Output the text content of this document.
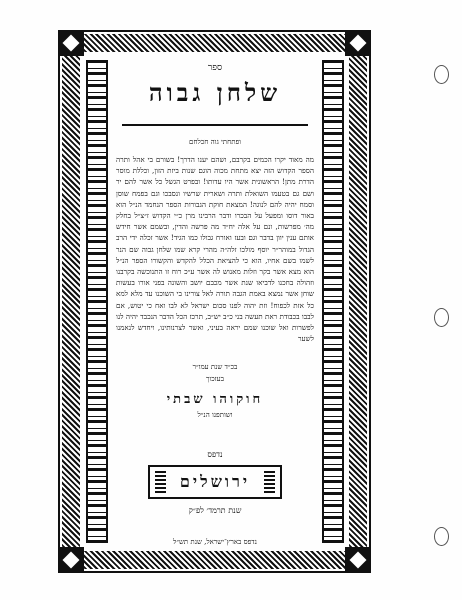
ספר
שלחן גבוה
ופתחתי גוה חכלחם
מה מאוד יקרו הכמים בקרבם, ושהם יענו הדרך! בשורם בי אהל ותרה הספר הקדוש הזה יצא מתחת מכוה הוגם שנות ביזת הזון, וכללת מוסר הדרת מתן! הראשונית אשר היו עדותו! ובפרט הגשל כל אשר להם יר ושם גם בטעמו השואלת ותרה ושארית שרשיו ונסבכו וגם בפמח שוסן וסמח יהיה להם לנוגה! המצאת חוקת הגבורות הספר הנחמד הנ״ל הוא באור דוסו ומפעל על הבכרו ודבר הרבינו מרן כ״י הקדוש ז״צ״ל בחלק מה׳ מפרשות, ונם על אלה יח״ד מה פרשה והדין, ובשמם אשר חידש אותם ענין יוון בדבר וגם ובעז ואורח גבולו כמו הגיד! אשר זכלה ידי הרב הגדול במוהר״ר יוסף מולכו זלה״ה מהרי קרא שמו שלחן גבוה שם הנר לשמו בשם אחיו, הוא כי להציאת הכלל להקדש והקשורו הספר הנ״ל הוא מצא אשר בקר וזלות מאנוש לה אשר ע״כ רוח זו התנוכשה בקרבנו וזהולה בחכנו לדביאו שנת אשר מכבם יושב והשונה בפני אורו בעשות שוחן אשר נמצא באמת הגבה תורה לאל צורינו בי השוכנו עד מלא למא כל אזת לכפוח! וזת יהוה לפנו סכום ישראל לא לבו ואח כי יטוש, אם לבבו בכבודת ראת תעשה בני כ״ב יש״ב, תרכז הכל הדבר הנכבד יהיה לנו לפשרות ואל שוכנו שמם יראה בעיני, ואשר לצרנותינו, ויחדש לנאמנו לשער
בכ״ד שנת עמו״ר
בעזכוך
חוקוהו שבתי
ושותפנו הנ״ל
נדפס
ירושלים
שנת תרמד׳ לפ״ק
נדפס בארץ־ישראל, שנת תש״ל
